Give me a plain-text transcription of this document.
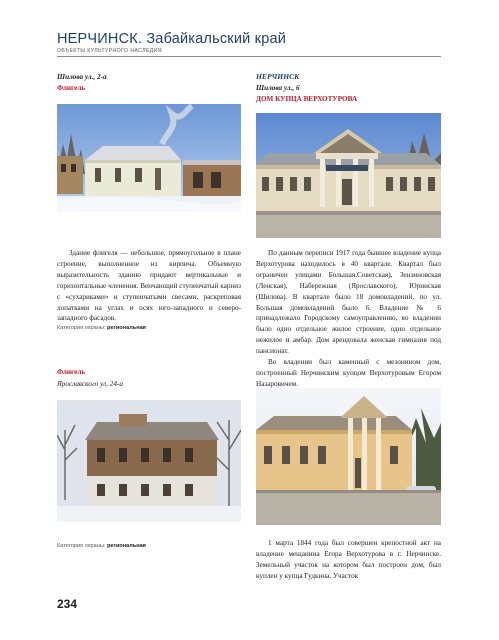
НЕРЧИНСК. Забайкальский край
ОБЪЕКТЫ КУЛЬТУРНОГО НАСЛЕДИЯ
Шилова ул., 2-а
Флигель

Здание флигеля — небольшое, прямоугольное в плане строение, выполненное из кирпича. Объемную выразительность зданию придают вертикальные и горизонтальные членения. Венчающий ступенчатый карниз с «сухариками» и ступенчатыми свесами, раскреповая лопатками на углах и осях юго-западного и северо-западного фасадов.

Категория охраны: региональная
Флигель
Ярославского ул, 24-а
Категория охраны: региональная
НЕРЧИНСК
Шилова ул., 6
ДОМ КУПЦА ВЕРХОТУРОВА

По данным переписи 1917 года бывшее владение купца Верхотурова находилось в 40 квартале. Квартал был ограничен улицами Большая,Советская), Зензиновская (Ленская), Набережная (Ярославского), Юринская (Шилова). В квартале было 18 домовладений, по ул. Большая домовладений было 6. Владение № 6 принадлежало Городскому самоуправлению, во владении было одно отдельное жилое строение, одно отдельное нежилое и амбар. Дом арендовала женская гимназия под пансионат.

Во владении был каменный с мезонином дом, построенный Нерчинским купцом Верхотуровым Егором Назаровичем.

1 марта 1844 года был совершен крепостной акт на владение мещанина Егора Верхотурова в г. Нерчинске. Земельный участок на котором был построен дом, был куплен у купца Гудкина. Участок

234
